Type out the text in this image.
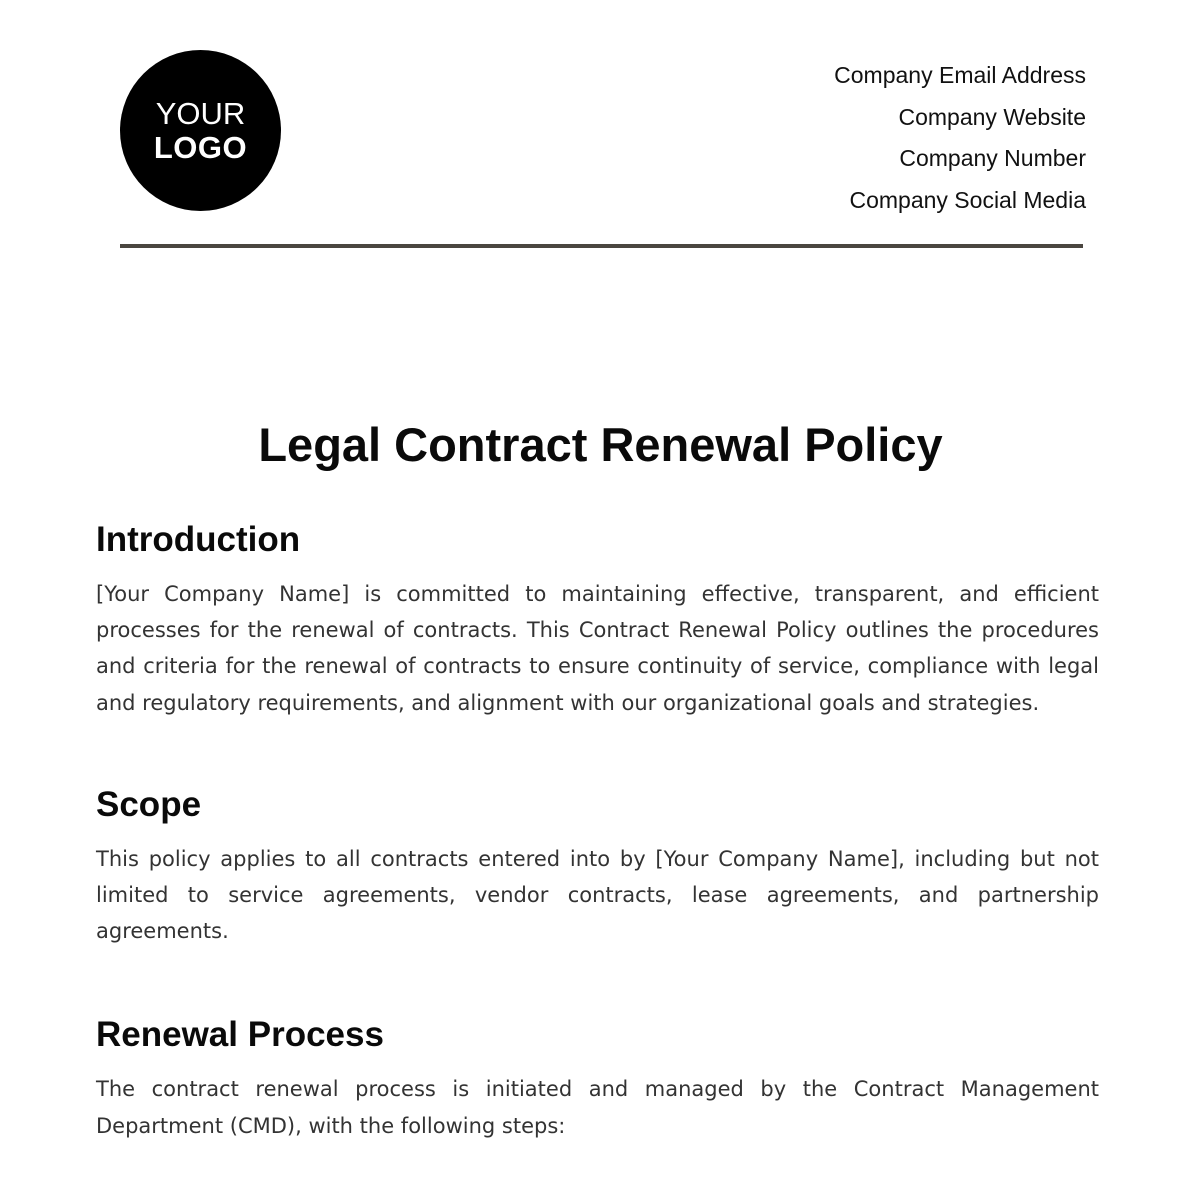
YOUR
LOGO
Company Email Address
Company Website
Company Number
Company Social Media
Legal Contract Renewal Policy
Introduction

[Your Company Name] is committed to maintaining effective, transparent, and efficient processes for the renewal of contracts. This Contract Renewal Policy outlines the procedures and criteria for the renewal of contracts to ensure continuity of service, compliance with legal and regulatory requirements, and alignment with our organizational goals and strategies.

Scope

This policy applies to all contracts entered into by [Your Company Name], including but not limited to service agreements, vendor contracts, lease agreements, and partnership agreements.

Renewal Process

The contract renewal process is initiated and managed by the Contract Management Department (CMD), with the following steps:
